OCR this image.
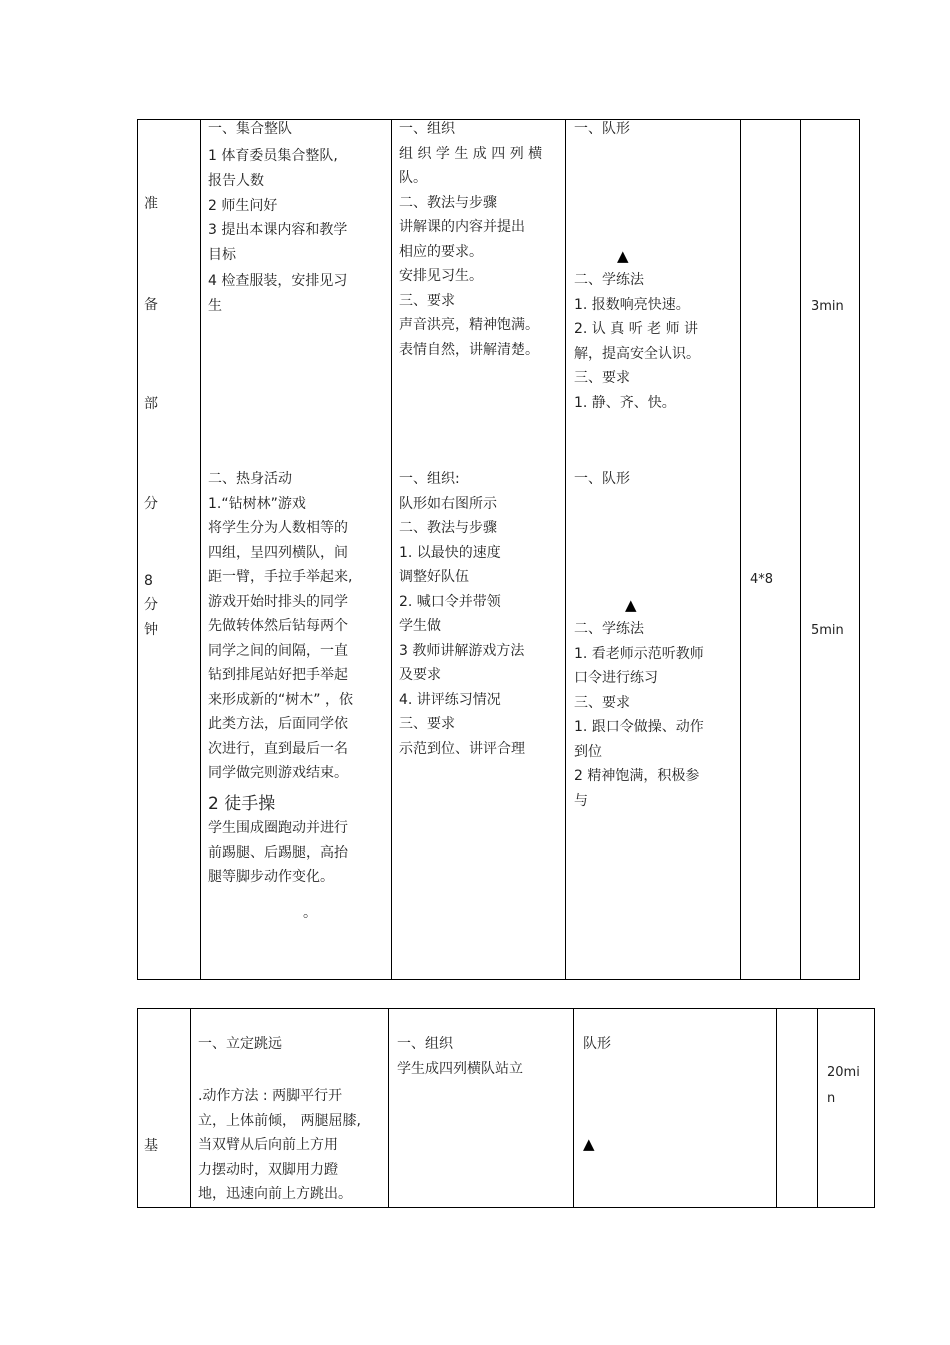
准
备
部
分
8
分
钟
一、集合整队
1 体育委员集合整队,
报告人数
2 师生问好
3 提出本课内容和教学
目标
4 检查服装，安排见习
生
二、热身活动
1.“钻树林”游戏
将学生分为人数相等的
四组，呈四列横队，间
距一臂，手拉手举起来,
游戏开始时排头的同学
先做转体然后钻每两个
同学之间的间隔，一直
钻到排尾站好把手举起
来形成新的“树木” ，依
此类方法，后面同学依
次进行，直到最后一名
同学做完则游戏结束。
2 徒手操
学生围成圈跑动并进行
前踢腿、后踢腿，高抬
腿等脚步动作变化。
。
一、组织
组 织 学 生 成 四 列 横
队。
二、教法与步骤
讲解课的内容并提出
相应的要求。
安排见习生。
三、要求
声音洪亮，精神饱满。
表情自然，讲解清楚。
一、组织:
队形如右图所示
二、教法与步骤
1. 以最快的速度
调整好队伍
2. 喊口令并带领
学生做
3 教师讲解游戏方法
及要求
4. 讲评练习情况
三、要求
示范到位、讲评合理
一、队形
▲
二、学练法
1. 报数响亮快速。
2. 认 真 听 老 师 讲
解，提高安全认识。
三、要求
1. 静、齐、快。
一、队形
▲
二、学练法
1. 看老师示范听教师
口令进行练习
三、要求
1. 跟口令做操、动作
到位
2 精神饱满，积极参
与
4*8
3min
5min
基
一、立定跳远
.动作方法 : 两脚平行开
立，上体前倾， 两腿屈膝,
当双臂从后向前上方用
力摆动时，双脚用力蹬
地，迅速向前上方跳出。
一、组织
学生成四列横队站立
队形
▲
20mi
n
